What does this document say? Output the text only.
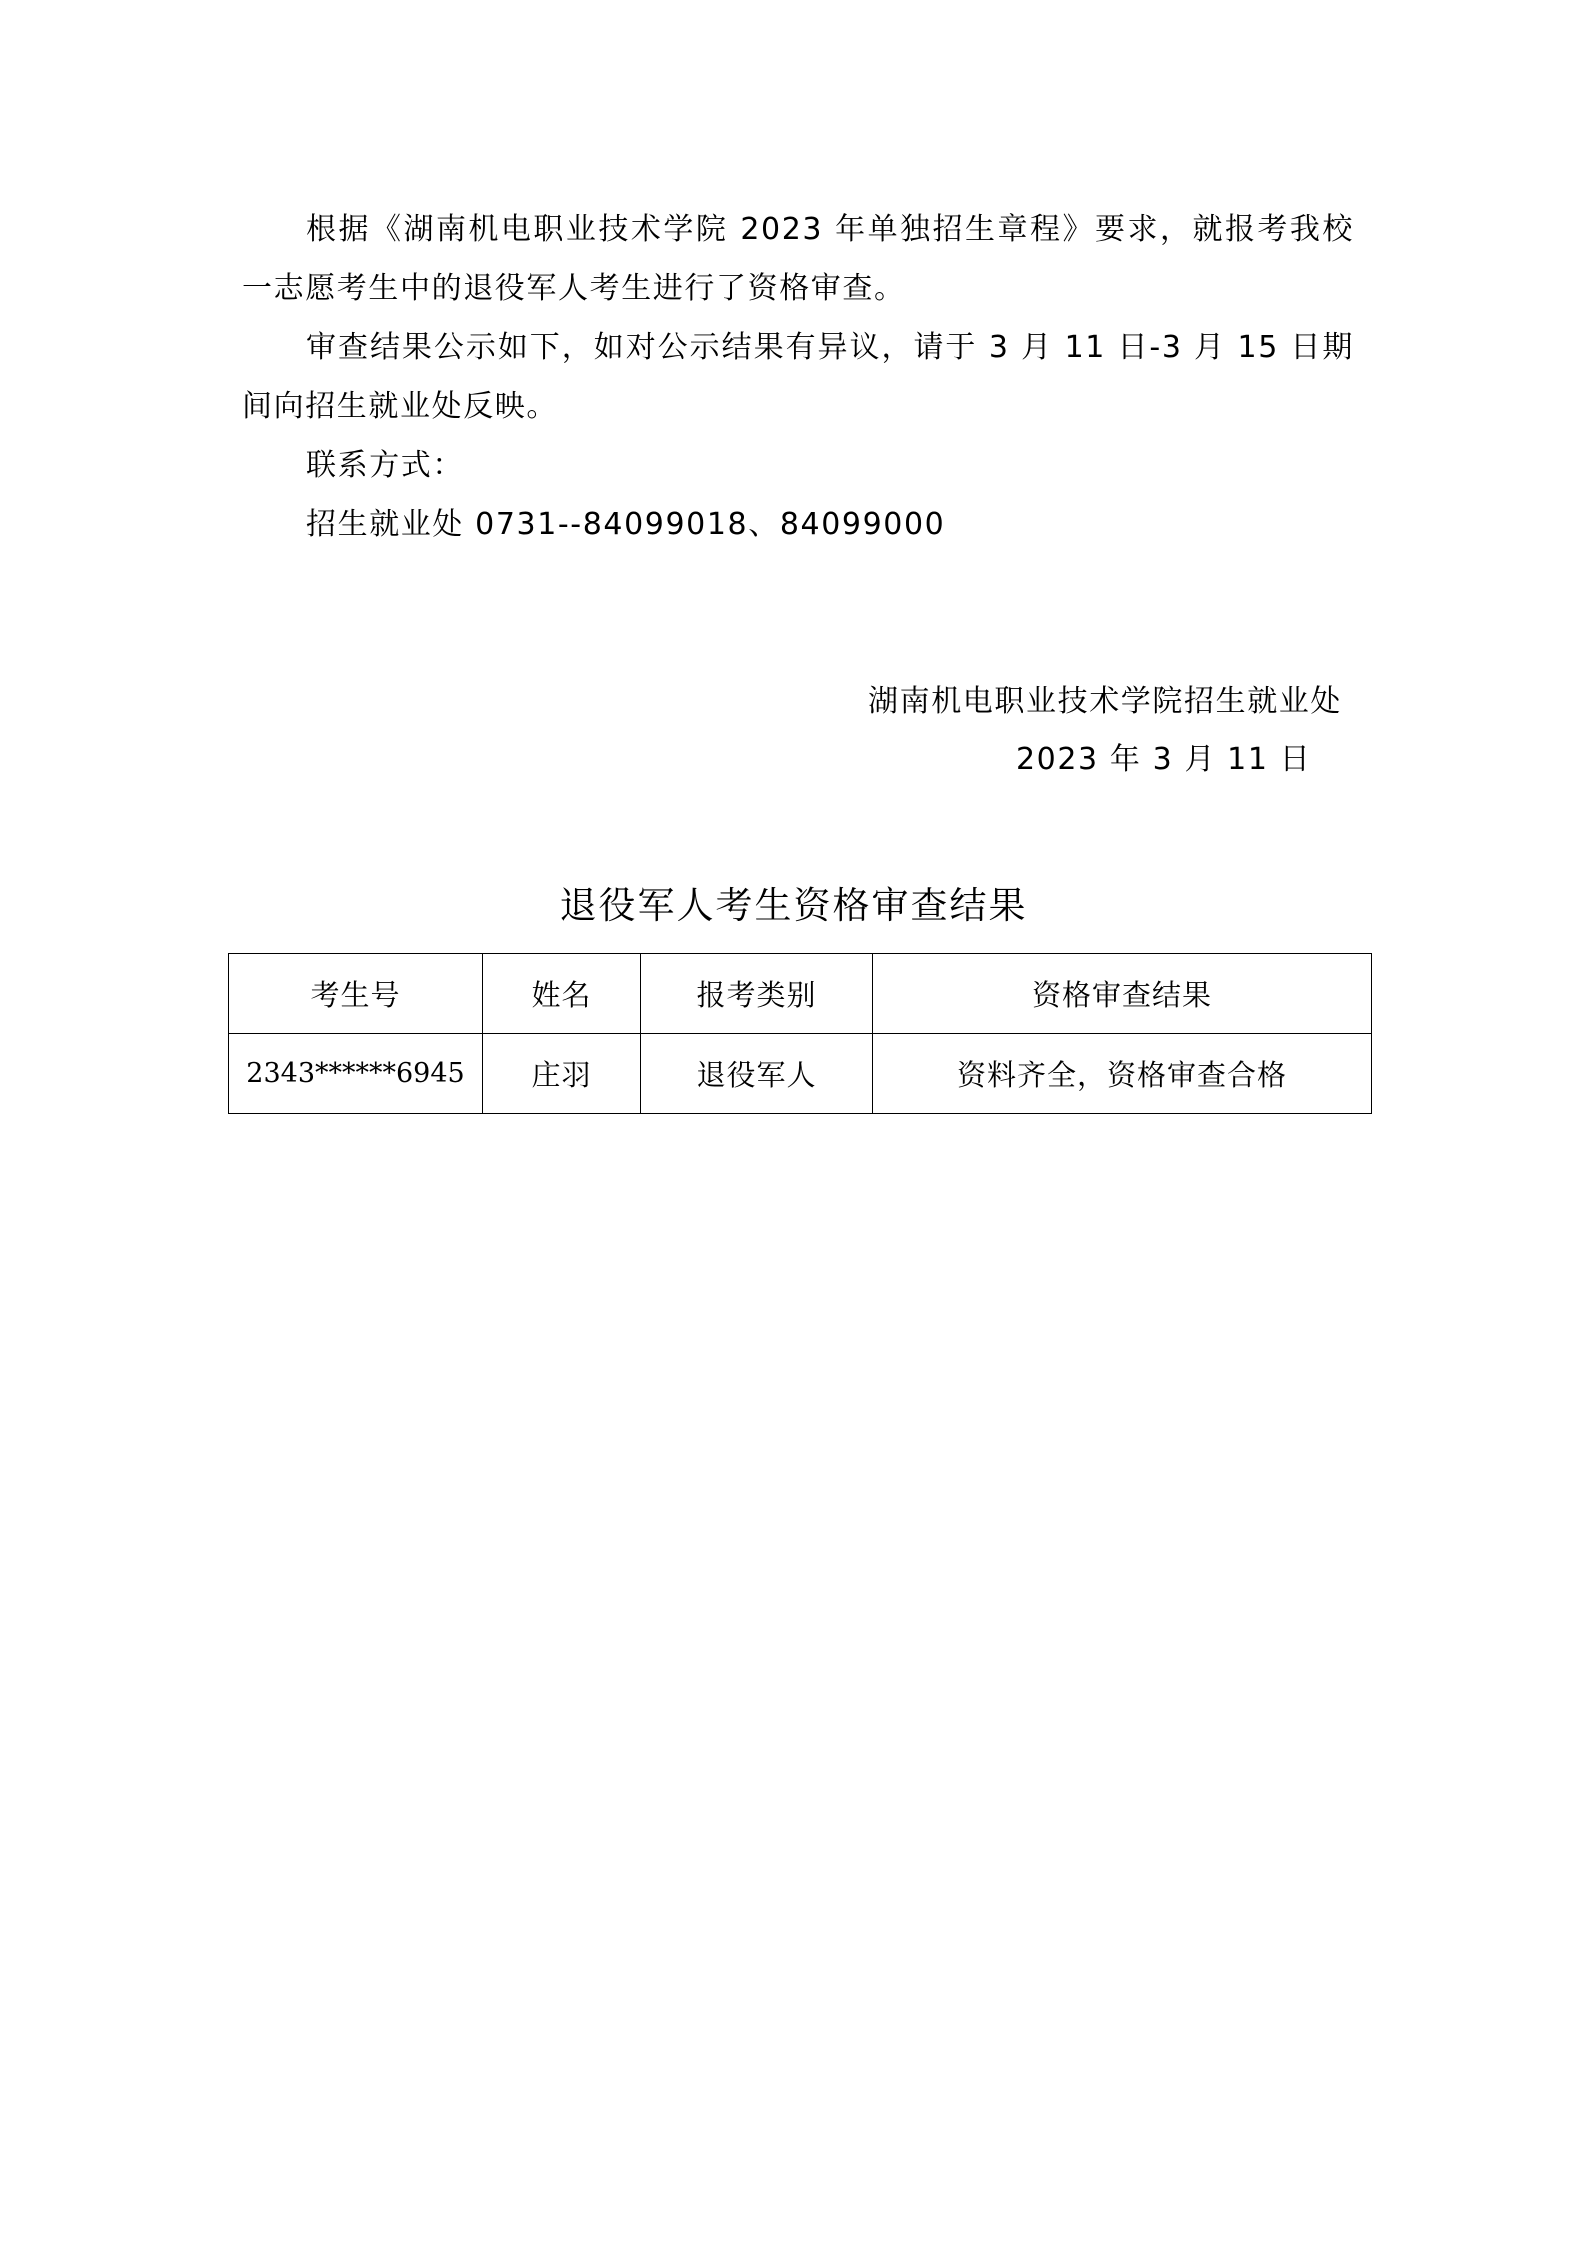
根据《湖南机电职业技术学院 2023 年单独招生章程》要求，就报考我校一志愿考生中的退役军人考生进行了资格审查。

审查结果公示如下，如对公示结果有异议，请于 3 月 11 日-3 月 15 日期间向招生就业处反映。

联系方式：
招生就业处 0731--84099018、84099000
湖南机电职业技术学院招生就业处
2023 年 3 月 11 日
退役军人考生资格审查结果
考生号	姓名	报考类别	资格审查结果
2343******6945	庄羽	退役军人	资料齐全，资格审查合格
